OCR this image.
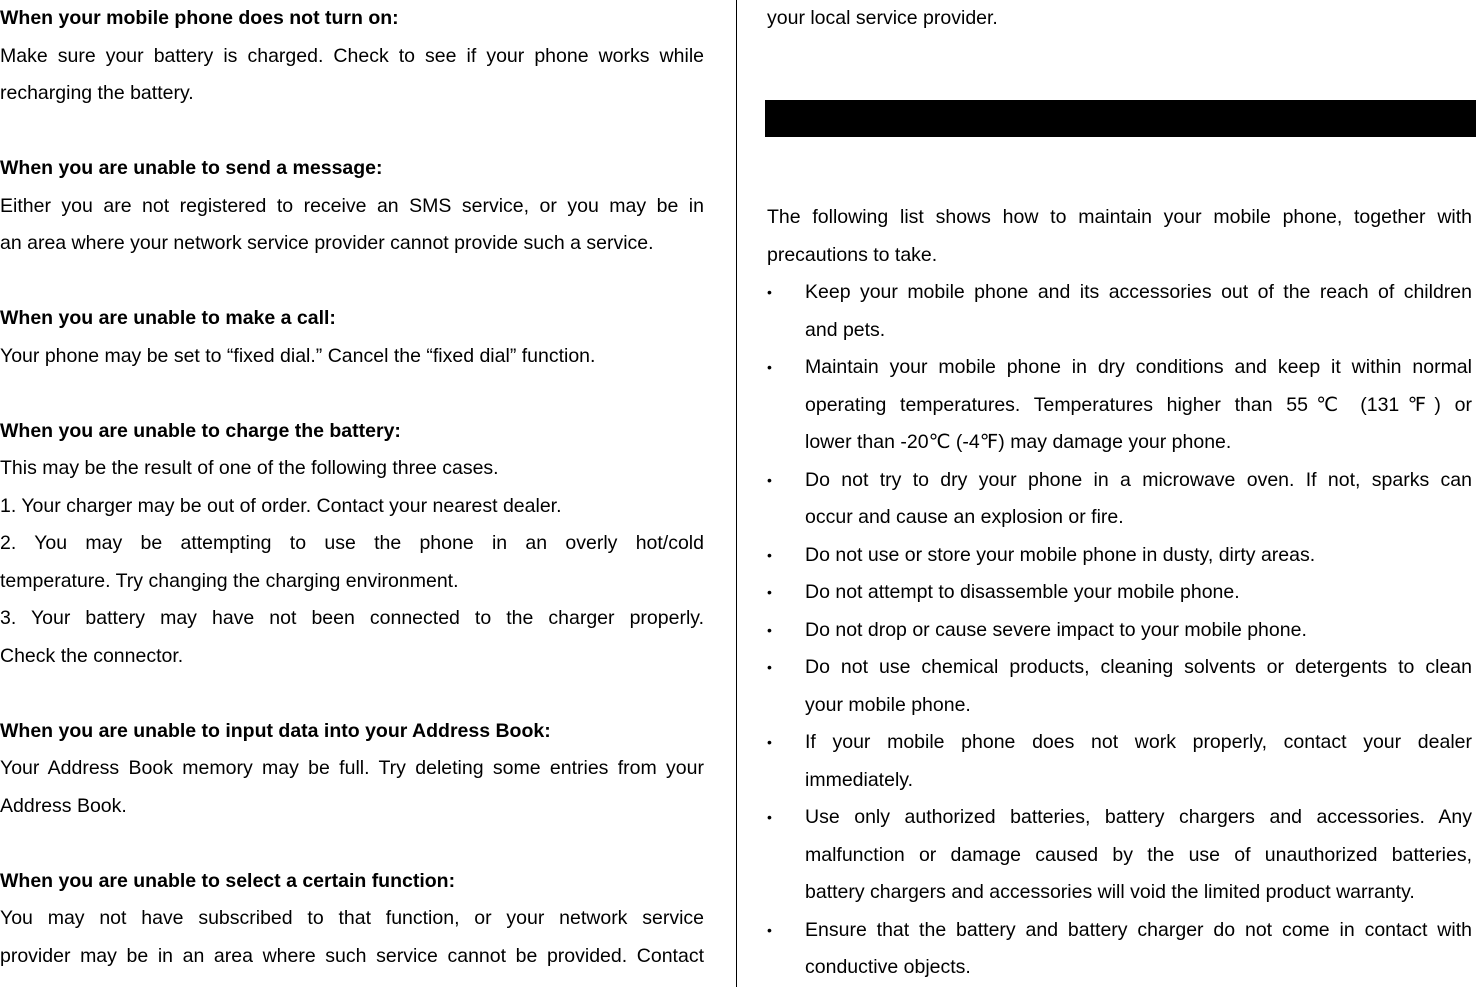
When your mobile phone does not turn on:
Make sure your battery is charged. Check to see if your phone works while
recharging the battery.
When you are unable to send a message:
Either you are not registered to receive an SMS service, or you may be in
an area where your network service provider cannot provide such a service.
When you are unable to make a call:
Your phone may be set to “fixed dial.” Cancel the “fixed dial” function.
When you are unable to charge the battery:
This may be the result of one of the following three cases.
1. Your charger may be out of order. Contact your nearest dealer.
2. You may be attempting to use the phone in an overly hot/cold
temperature. Try changing the charging environment.
3. Your battery may have not been connected to the charger properly.
Check the connector.
When you are unable to input data into your Address Book:
Your Address Book memory may be full. Try deleting some entries from your
Address Book.
When you are unable to select a certain function:
You may not have subscribed to that function, or your network service
provider may be in an area where such service cannot be provided. Contact
your local service provider.
The following list shows how to maintain your mobile phone, together with
precautions to take.
• Keep your mobile phone and its accessories out of the reach of children
and pets.
• Maintain your mobile phone in dry conditions and keep it within normal
operating temperatures. Temperatures higher than 55℃ (131℉) or
lower than -20℃ (-4℉) may damage your phone.
• Do not try to dry your phone in a microwave oven. If not, sparks can
occur and cause an explosion or fire.
• Do not use or store your mobile phone in dusty, dirty areas.
• Do not attempt to disassemble your mobile phone.
• Do not drop or cause severe impact to your mobile phone.
• Do not use chemical products, cleaning solvents or detergents to clean
your mobile phone.
• If your mobile phone does not work properly, contact your dealer
immediately.
• Use only authorized batteries, battery chargers and accessories. Any
malfunction or damage caused by the use of unauthorized batteries,
battery chargers and accessories will void the limited product warranty.
• Ensure that the battery and battery charger do not come in contact with
conductive objects.
